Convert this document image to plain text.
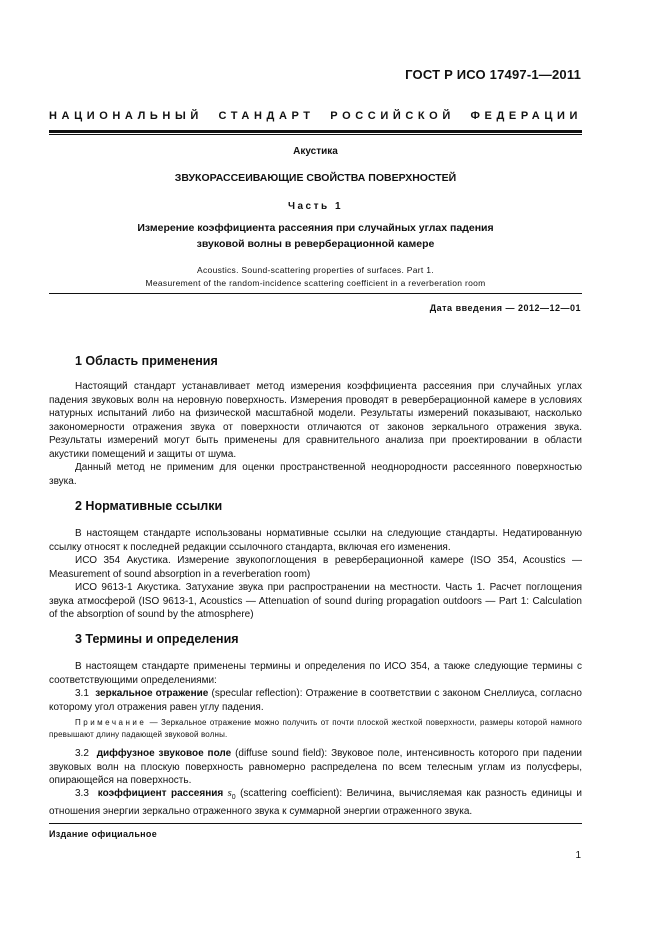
ГОСТ Р ИСО 17497-1—2011
НАЦИОНАЛЬНЫЙ СТАНДАРТ РОССИЙСКОЙ ФЕДЕРАЦИИ
Акустика
ЗВУКОРАССЕИВАЮЩИЕ СВОЙСТВА ПОВЕРХНОСТЕЙ
Часть 1
Измерение коэффициента рассеяния при случайных углах падения
звуковой волны в реверберационной камере
Acoustics. Sound-scattering properties of surfaces. Part 1.
Measurement of the random-incidence scattering coefficient in a reverberation room
Дата введения — 2012—12—01
1 Область применения

Настоящий стандарт устанавливает метод измерения коэффициента рассеяния при случайных углах падения звуковых волн на неровную поверхность. Измерения проводят в реверберационной камере в условиях натурных испытаний либо на физической масштабной модели. Результаты измерений показывают, насколько закономерности отражения звука от поверхности отличаются от законов зеркального отражения звука. Результаты измерений могут быть применены для сравнительного анализа при проектировании в области акустики помещений и защиты от шума.

Данный метод не применим для оценки пространственной неоднородности рассеянного поверхностью звука.

2 Нормативные ссылки

В настоящем стандарте использованы нормативные ссылки на следующие стандарты. Недатированную ссылку относят к последней редакции ссылочного стандарта, включая его изменения.

ИСО 354 Акустика. Измерение звукопоглощения в реверберационной камере (ISO 354, Acoustics — Measurement of sound absorption in a reverberation room)

ИСО 9613-1 Акустика. Затухание звука при распространении на местности. Часть 1. Расчет поглощения звука атмосферой (ISO 9613-1, Acoustics — Attenuation of sound during propagation outdoors — Part 1: Calculation of the absorption of sound by the atmosphere)

3 Термины и определения

В настоящем стандарте применены термины и определения по ИСО 354, а также следующие термины с соответствующими определениями:

3.1 зеркальное отражение (specular reflection): Отражение в соответствии с законом Снеллиуса, согласно которому угол отражения равен углу падения.

Примечание — Зеркальное отражение можно получить от почти плоской жесткой поверхности, размеры которой намного превышают длину падающей звуковой волны.

3.2 диффузное звуковое поле (diffuse sound field): Звуковое поле, интенсивность которого при падении звуковых волн на плоскую поверхность равномерно распределена по всем телесным углам из полусферы, опирающейся на поверхность.

3.3 коэффициент рассеяния $s_0$ (scattering coefficient): Величина, вычисляемая как разность единицы и отношения энергии зеркально отраженного звука к суммарной энергии отраженного звука.

Издание официальное
1
